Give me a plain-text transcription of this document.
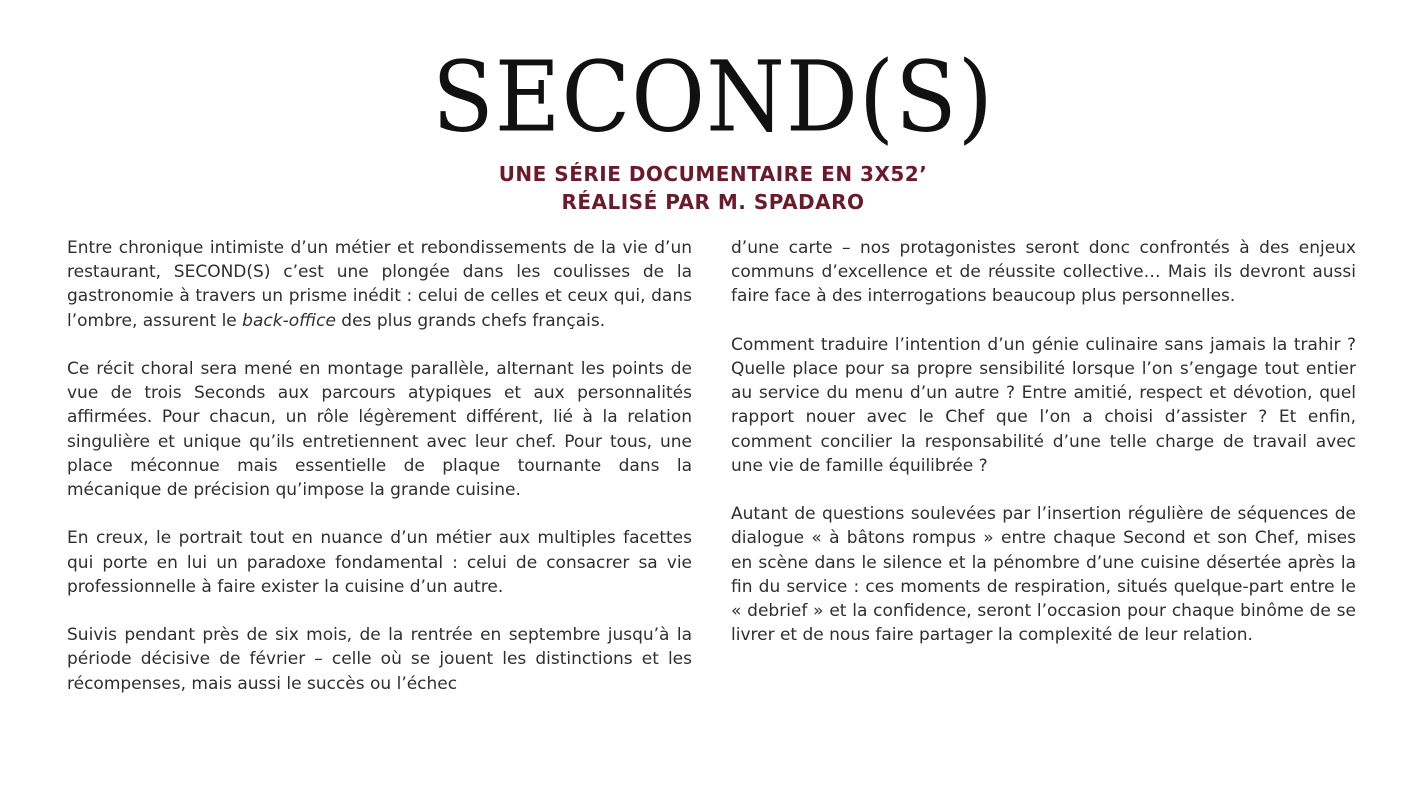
SECOND(S)
UNE SÉRIE DOCUMENTAIRE EN 3X52’
RÉALISÉ PAR M. SPADARO

Entre chronique intimiste d’un métier et rebondissements de la vie d’un restaurant, SECOND(S) c’est une plongée dans les coulisses de la gastronomie à travers un prisme inédit : celui de celles et ceux qui, dans l’ombre, assurent le back-office des plus grands chefs français.

Ce récit choral sera mené en montage parallèle, alternant les points de vue de trois Seconds aux parcours atypiques et aux personnalités affirmées. Pour chacun, un rôle légèrement différent, lié à la relation singulière et unique qu’ils entretiennent avec leur chef. Pour tous, une place méconnue mais essentielle de plaque tournante dans la mécanique de précision qu’impose la grande cuisine.

En creux, le portrait tout en nuance d’un métier aux multiples facettes qui porte en lui un paradoxe fondamental : celui de consacrer sa vie professionnelle à faire exister la cuisine d’un autre.

Suivis pendant près de six mois, de la rentrée en septembre jusqu’à la période décisive de février – celle où se jouent les distinctions et les récompenses, mais aussi le succès ou l’échec

d’une carte – nos protagonistes seront donc confrontés à des enjeux communs d’excellence et de réussite collective… Mais ils devront aussi faire face à des interrogations beaucoup plus personnelles.

Comment traduire l’intention d’un génie culinaire sans jamais la trahir ? Quelle place pour sa propre sensibilité lorsque l’on s’engage tout entier au service du menu d’un autre ? Entre amitié, respect et dévotion, quel rapport nouer avec le Chef que l’on a choisi d’assister ? Et enfin, comment concilier la responsabilité d’une telle charge de travail avec une vie de famille équilibrée ?

Autant de questions soulevées par l’insertion régulière de séquences de dialogue « à bâtons rompus » entre chaque Second et son Chef, mises en scène dans le silence et la pénombre d’une cuisine désertée après la fin du service : ces moments de respiration, situés quelque-part entre le « debrief » et la confidence, seront l’occasion pour chaque binôme de se livrer et de nous faire partager la complexité de leur relation.
